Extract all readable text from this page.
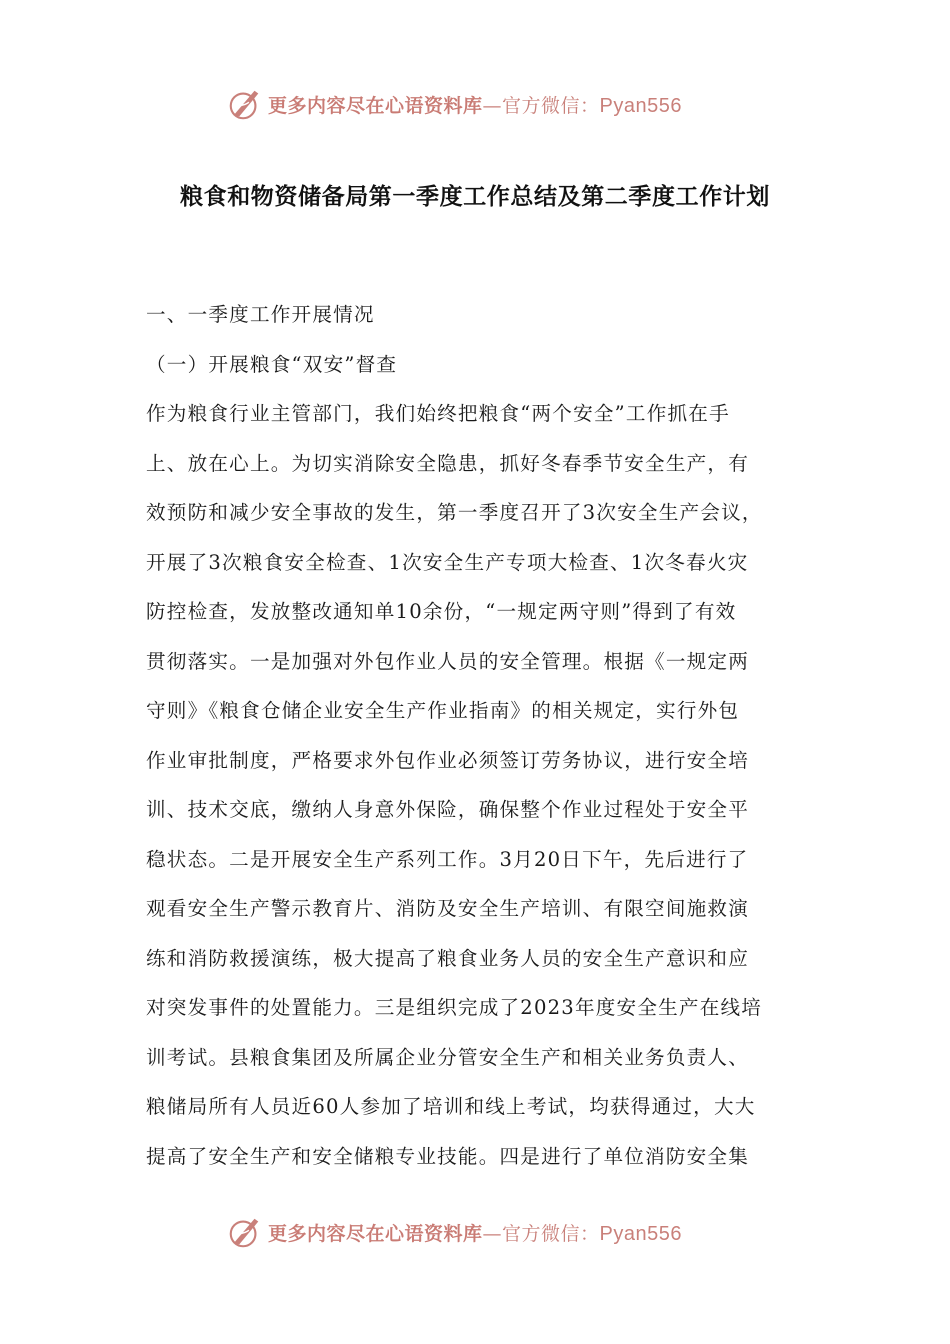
更多内容尽在心语资料库—官方微信：Pyan556
粮食和物资储备局第一季度工作总结及第二季度工作计划

一、一季度工作开展情况

（一）开展粮食“双安”督查

作为粮食行业主管部门，我们始终把粮食“两个安全”工作抓在手

上、放在心上。为切实消除安全隐患，抓好冬春季节安全生产，有

效预防和减少安全事故的发生，第一季度召开了3次安全生产会议，

开展了3次粮食安全检查、1次安全生产专项大检查、1次冬春火灾

防控检查，发放整改通知单10余份，“一规定两守则”得到了有效

贯彻落实。一是加强对外包作业人员的安全管理。根据《一规定两

守则》《粮食仓储企业安全生产作业指南》的相关规定，实行外包

作业审批制度，严格要求外包作业必须签订劳务协议，进行安全培

训、技术交底，缴纳人身意外保险，确保整个作业过程处于安全平

稳状态。二是开展安全生产系列工作。3月20日下午，先后进行了

观看安全生产警示教育片、消防及安全生产培训、有限空间施救演

练和消防救援演练，极大提高了粮食业务人员的安全生产意识和应

对突发事件的处置能力。三是组织完成了2023年度安全生产在线培

训考试。县粮食集团及所属企业分管安全生产和相关业务负责人、

粮储局所有人员近60人参加了培训和线上考试，均获得通过，大大

提高了安全生产和安全储粮专业技能。四是进行了单位消防安全集

更多内容尽在心语资料库—官方微信：Pyan556
